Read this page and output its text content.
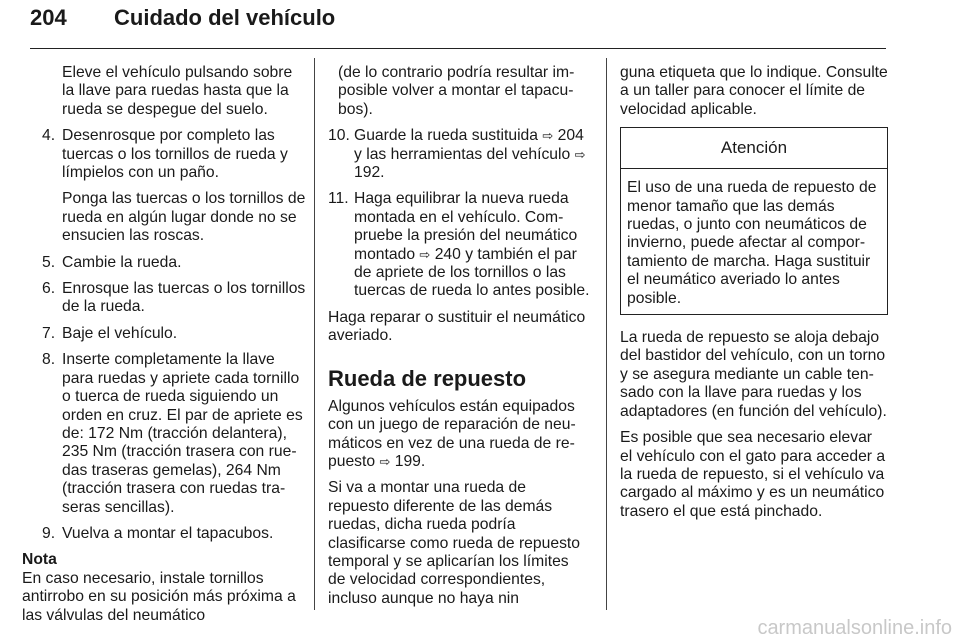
204 Cuidado del vehículo

Eleve el vehículo pulsando sobre la llave para ruedas hasta que la rueda se despegue del suelo.

4. Desenrosque por completo las tuercas o los tornillos de rueda y límpielos con un paño.

Ponga las tuercas o los tornillos de rueda en algún lugar donde no se ensucien las roscas.

5. Cambie la rueda.
6. Enrosque las tuercas o los tornillos de la rueda.
7. Baje el vehículo.
8. Inserte completamente la llave para ruedas y apriete cada tornillo o tuerca de rueda siguiendo un orden en cruz. El par de apriete es de: 172 Nm (tracción delantera), 235 Nm (tracción trasera con ruedas traseras gemelas), 264 Nm (tracción trasera con ruedas traseras sencillas).
9. Vuelva a montar el tapacubos.
Nota
En caso necesario, instale tornillos antirrobo en su posición más próxima a las válvulas del neumático

(de lo contrario podría resultar imposible volver a montar el tapacubos).

10. Guarde la rueda sustituida ⇨ 204 y las herramientas del vehículo ⇨ 192.
11. Haga equilibrar la nueva rueda montada en el vehículo. Compruebe la presión del neumático montado ⇨ 240 y también el par de apriete de los tornillos o las tuercas de rueda lo antes posible.

Haga reparar o sustituir el neumático averiado.

Rueda de repuesto

Algunos vehículos están equipados con un juego de reparación de neumáticos en vez de una rueda de repuesto ⇨ 199.

Si va a montar una rueda de repuesto diferente de las demás ruedas, dicha rueda podría clasificarse como rueda de repuesto temporal y se aplicarían los límites de velocidad correspondientes, incluso aunque no haya nin

guna etiqueta que lo indique. Consulte a un taller para conocer el límite de velocidad aplicable.

Atención
El uso de una rueda de repuesto de menor tamaño que las demás ruedas, o junto con neumáticos de invierno, puede afectar al comportamiento de marcha. Haga sustituir el neumático averiado lo antes posible.

La rueda de repuesto se aloja debajo del bastidor del vehículo, con un torno y se asegura mediante un cable tensado con la llave para ruedas y los adaptadores (en función del vehículo).

Es posible que sea necesario elevar el vehículo con el gato para acceder a la rueda de repuesto, si el vehículo va cargado al máximo y es un neumático trasero el que está pinchado.

carmanualsonline.info
